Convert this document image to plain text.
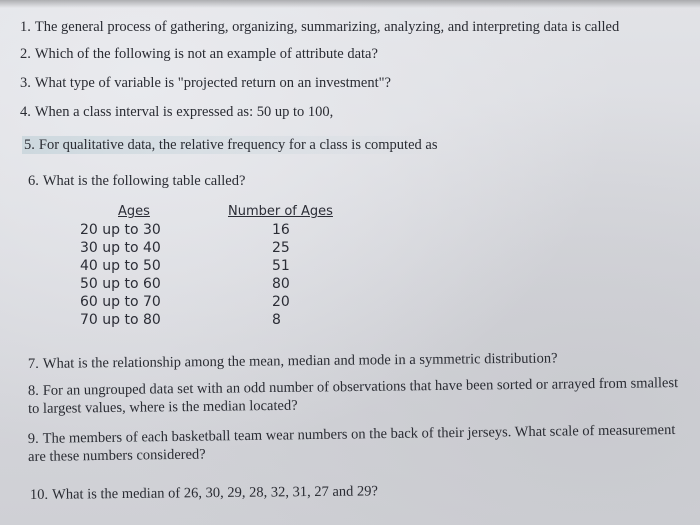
1. The general process of gathering, organizing, summarizing, analyzing, and interpreting data is called

2. Which of the following is not an example of attribute data?

3. What type of variable is "projected return on an investment"?

4. When a class interval is expressed as: 50 up to 100,

5. For qualitative data, the relative frequency for a class is computed as

6. What is the following table called?

Ages
20 up to 30
30 up to 40
40 up to 50
50 up to 60
60 up to 70
70 up to 80
Number of Ages
16
25
51
80
20
8

7. What is the relationship among the mean, median and mode in a symmetric distribution?

8. For an ungrouped data set with an odd number of observations that have been sorted or arrayed from smallest to largest values, where is the median located?

9. The members of each basketball team wear numbers on the back of their jerseys. What scale of measurement are these numbers considered?

10. What is the median of 26, 30, 29, 28, 32, 31, 27 and 29?
